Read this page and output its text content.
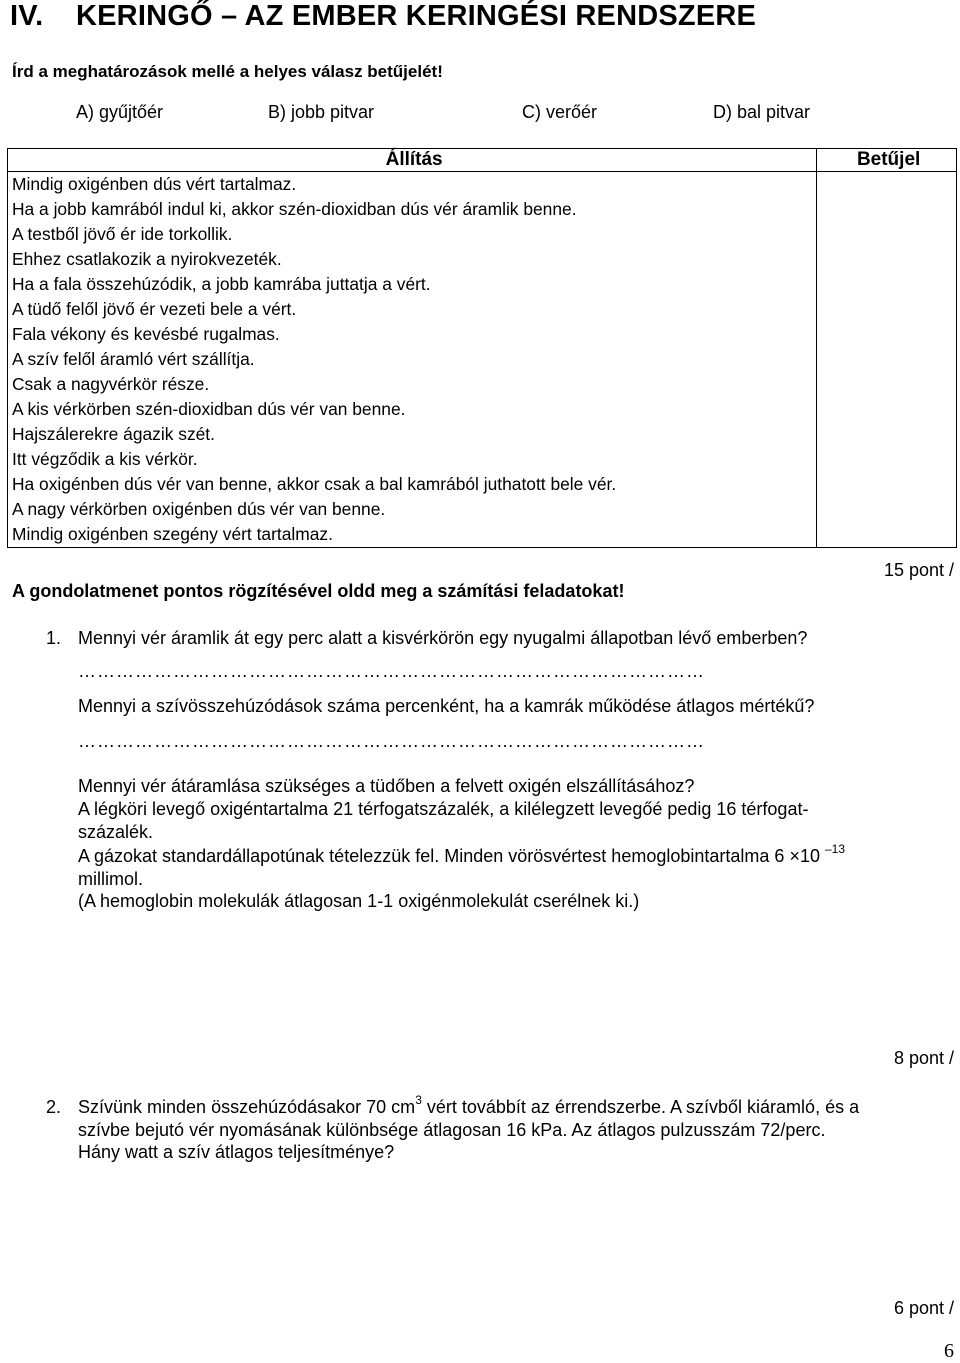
IV. KERINGŐ – AZ EMBER KERINGÉSI RENDSZERE
Írd a meghatározások mellé a helyes válasz betűjelét!
A) gyűjtőér	B) jobb pitvar	C) verőér	D) bal pitvar
Állítás	Betűjel
Mindig oxigénben dús vért tartalmaz.	
Ha a jobb kamrából indul ki, akkor szén-dioxidban dús vér áramlik benne.	
A testből jövő ér ide torkollik.	
Ehhez csatlakozik a nyirokvezeték.	
Ha a fala összehúzódik, a jobb kamrába juttatja a vért.	
A tüdő felől jövő ér vezeti bele a vért.	
Fala vékony és kevésbé rugalmas.	
A szív felől áramló vért szállítja.	
Csak a nagyvérkör része.	
A kis vérkörben szén-dioxidban dús vér van benne.	
Hajszálerekre ágazik szét.	
Itt végződik a kis vérkör.	
Ha oxigénben dús vér van benne, akkor csak a bal kamrából juthatott bele vér.	
A nagy vérkörben oxigénben dús vér van benne.	
Mindig oxigénben szegény vért tartalmaz.	
15 pont /
A gondolatmenet pontos rögzítésével oldd meg a számítási feladatokat!
1. Mennyi vér áramlik át egy perc alatt a kisvérkörön egy nyugalmi állapotban lévő emberben?
………………………………………………………………………………………
Mennyi a szívösszehúzódások száma percenként, ha a kamrák működése átlagos mértékű?
………………………………………………………………………………………
Mennyi vér átáramlása szükséges a tüdőben a felvett oxigén elszállításához?
A légköri levegő oxigéntartalma 21 térfogatszázalék, a kilélegzett levegőé pedig 16 térfogat-
százalék.
A gázokat standardállapotúnak tételezzük fel. Minden vörösvértest hemoglobintartalma 6 ×10 $^{-13}$
millimol.
(A hemoglobin molekulák átlagosan 1-1 oxigénmolekulát cserélnek ki.)
8 pont /
2. Szívünk minden összehúzódásakor 70 $cm^3$ vért továbbít az érrendszerbe. A szívből kiáramló, és a
szívbe bejutó vér nyomásának különbsége átlagosan 16 kPa. Az átlagos pulzusszám 72/perc.
Hány watt a szív átlagos teljesítménye?
6 pont /
6
